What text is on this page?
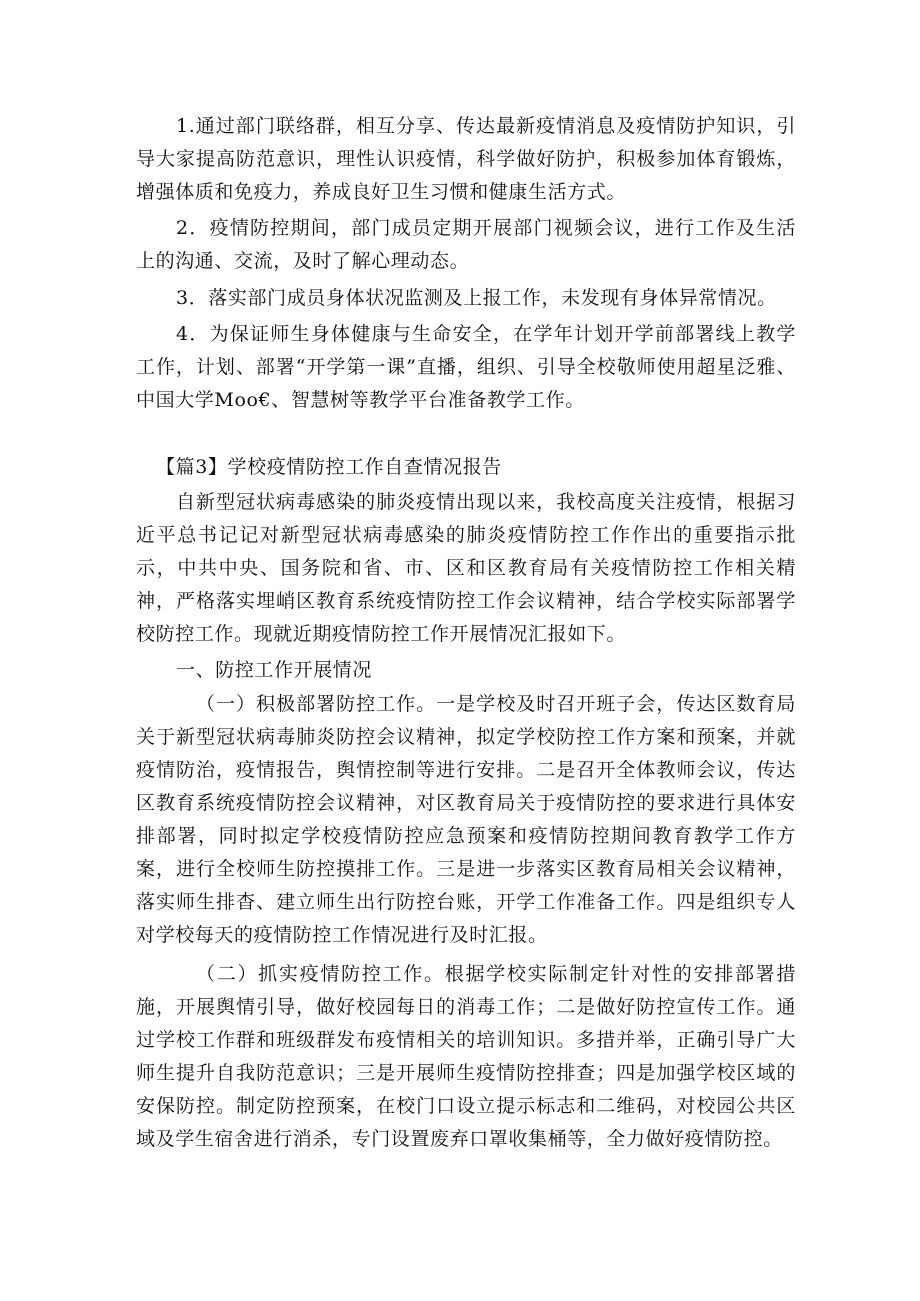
1.通过部门联络群，相互分享、传达最新疫情消息及疫情防护知识，引导大家提高防范意识，理性认识疫情，科学做好防护，积极参加体育锻炼，增强体质和免疫力，养成良好卫生习惯和健康生活方式。
2．疫情防控期间，部门成员定期开展部门视频会议，进行工作及生活上的沟通、交流，及时了解心理动态。
3．落实部门成员身体状况监测及上报工作，未发现有身体异常情况。
4．为保证师生身体健康与生命安全，在学年计划开学前部署线上教学工作，计划、部署“开学第一课”直播，组织、引导全校敬师使用超星泛雅、中国大学Moo€、智慧树等教学平台准备教学工作。
【篇3】学校疫情防控工作自查情况报告
自新型冠状病毒感染的肺炎疫情出现以来，我校高度关注疫情，根据习近平总书记记对新型冠状病毒感染的肺炎疫情防控工作作出的重要指示批示，中共中央、国务院和省、市、区和区教育局有关疫情防控工作相关精神，严格落实埋峭区教育系统疫情防控工作会议精神，结合学校实际部署学校防控工作。现就近期疫情防控工作开展情况汇报如下。
一、防控工作开展情况
（一）积极部署防控工作。一是学校及时召开班子会，传达区数育局关于新型冠状病毒肺炎防控会议精神，拟定学校防控工作方案和预案，并就疫情防治，疫情报告，舆情控制等进行安排。二是召开全体教师会议，传达区教育系统疫情防控会议精神，对区教育局关于疫情防控的要求进行具体安排部署，同时拟定学校疫情防控应急预案和疫情防控期间教育教学工作方案，进行全校师生防控摸排工作。三是进一步落实区教育局相关会议精神，落实师生排杳、建立师生出行防控台账，开学工作准备工作。四是组织专人对学校每天的疫情防控工作情况进行及时汇报。
（二）抓实疫情防控工作。根据学校实际制定针对性的安排部署措施，开展舆情引导，做好校园每日的消毒工作；二是做好防控宣传工作。通过学校工作群和班级群发布疫情相关的培训知识。多措并举，正确引导广大师生提升自我防范意识；三是开展师生疫情防控排查；四是加强学校区域的安保防控。制定防控预案，在校门口设立提示标志和二维码，对校园公共区域及学生宿舍进行消杀，专门设置废弃口罩收集桶等，全力做好疫情防控。
